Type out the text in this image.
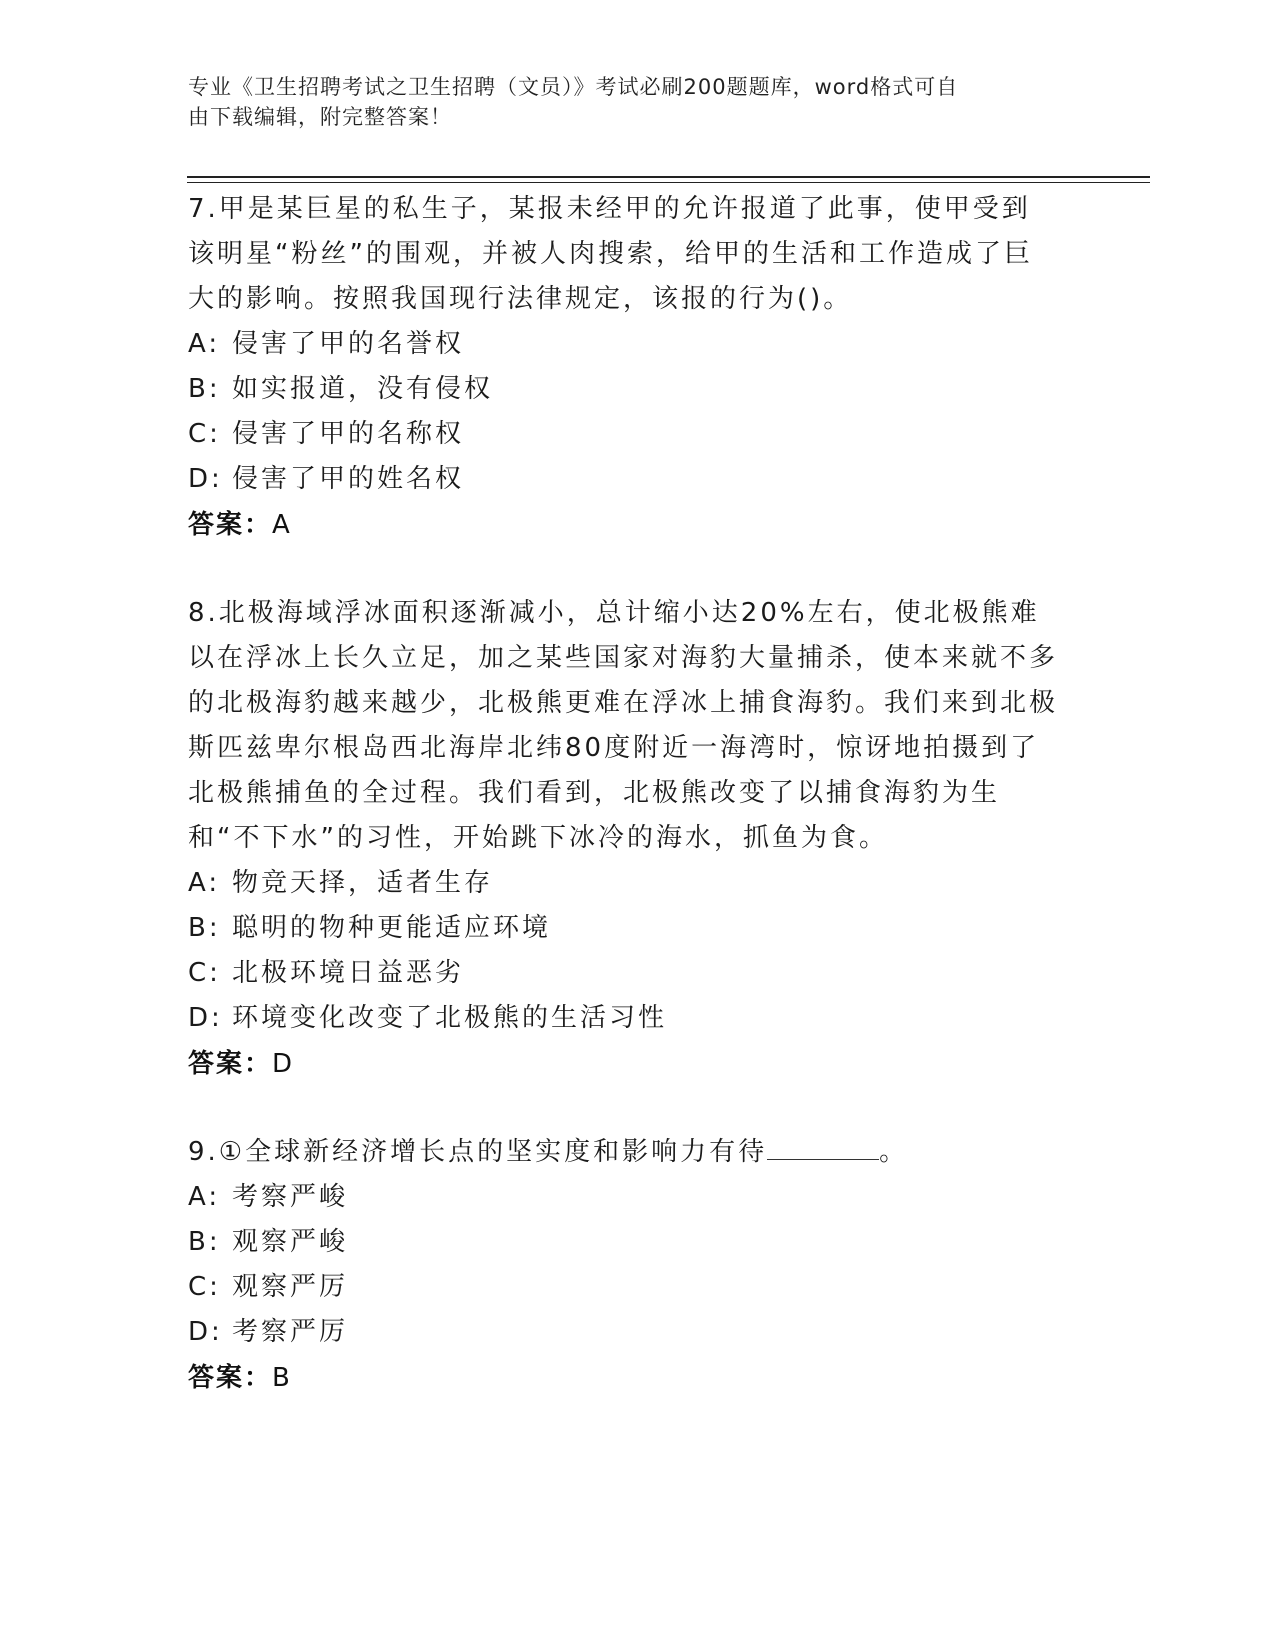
专业《卫生招聘考试之卫生招聘（文员）》考试必刷200题题库，word格式可自
由下载编辑，附完整答案！

7.甲是某巨星的私生子，某报未经甲的允许报道了此事，使甲受到该明星“粉丝”的围观，并被人肉搜索，给甲的生活和工作造成了巨大的影响。按照我国现行法律规定，该报的行为()。

A: 侵害了甲的名誉权

B: 如实报道，没有侵权

C: 侵害了甲的名称权

D: 侵害了甲的姓名权

答案：A

8.北极海域浮冰面积逐渐减小，总计缩小达20%左右，使北极熊难以在浮冰上长久立足，加之某些国家对海豹大量捕杀，使本来就不多的北极海豹越来越少，北极熊更难在浮冰上捕食海豹。我们来到北极斯匹兹卑尔根岛西北海岸北纬80度附近一海湾时，惊讶地拍摄到了北极熊捕鱼的全过程。我们看到，北极熊改变了以捕食海豹为生和“不下水”的习性，开始跳下冰冷的海水，抓鱼为食。

A: 物竞天择，适者生存

B: 聪明的物种更能适应环境

C: 北极环境日益恶劣

D: 环境变化改变了北极熊的生活习性

答案：D

9.①全球新经济增长点的坚实度和影响力有待	。

A: 考察严峻

B: 观察严峻

C: 观察严厉

D: 考察严厉

答案：B
